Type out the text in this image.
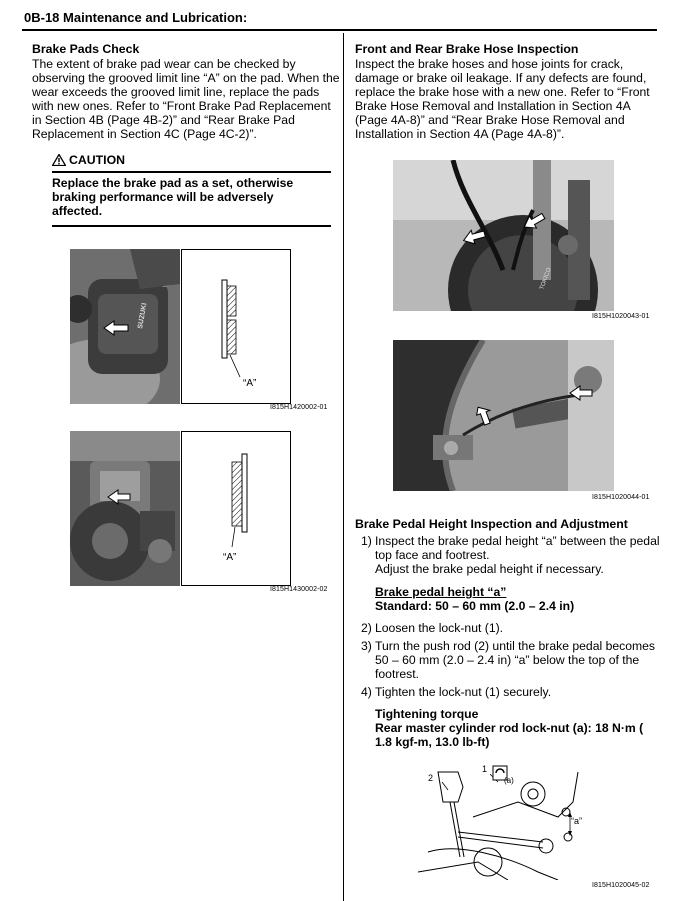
0B-18 Maintenance and Lubrication:
Brake Pads Check
The extent of brake pad wear can be checked by
observing the grooved limit line “A” on the pad. When the
wear exceeds the grooved limit line, replace the pads
with new ones. Refer to “Front Brake Pad Replacement
in Section 4B (Page 4B-2)” and “Rear Brake Pad
Replacement in Section 4C (Page 4C-2)”.
CAUTION
Replace the brake pad as a set, otherwise
braking performance will be adversely
affected.
SUZUKI
“A”
I815H1420002-01
“A”
I815H1430002-02
Front and Rear Brake Hose Inspection
Inspect the brake hoses and hose joints for crack,
damage or brake oil leakage. If any defects are found,
replace the brake hose with a new one. Refer to “Front
Brake Hose Removal and Installation in Section 4A
(Page 4A-8)” and “Rear Brake Hose Removal and
Installation in Section 4A (Page 4A-8)”.
TOKICO
I815H1020043-01
I815H1020044-01
Brake Pedal Height Inspection and Adjustment
1) Inspect the brake pedal height “a” between the pedal
top face and footrest.
Adjust the brake pedal height if necessary.
Brake pedal height “a”
Standard: 50 – 60 mm (2.0 – 2.4 in)
2) Loosen the lock-nut (1).
3) Turn the push rod (2) until the brake pedal becomes
50 – 60 mm (2.0 – 2.4 in) “a” below the top of the
footrest.
4) Tighten the lock-nut (1) securely.
Tightening torque
Rear master cylinder rod lock-nut (a): 18 N·m (
1.8 kgf-m, 13.0 lb-ft)
2
1
(a)
“a”
I815H1020045-02
